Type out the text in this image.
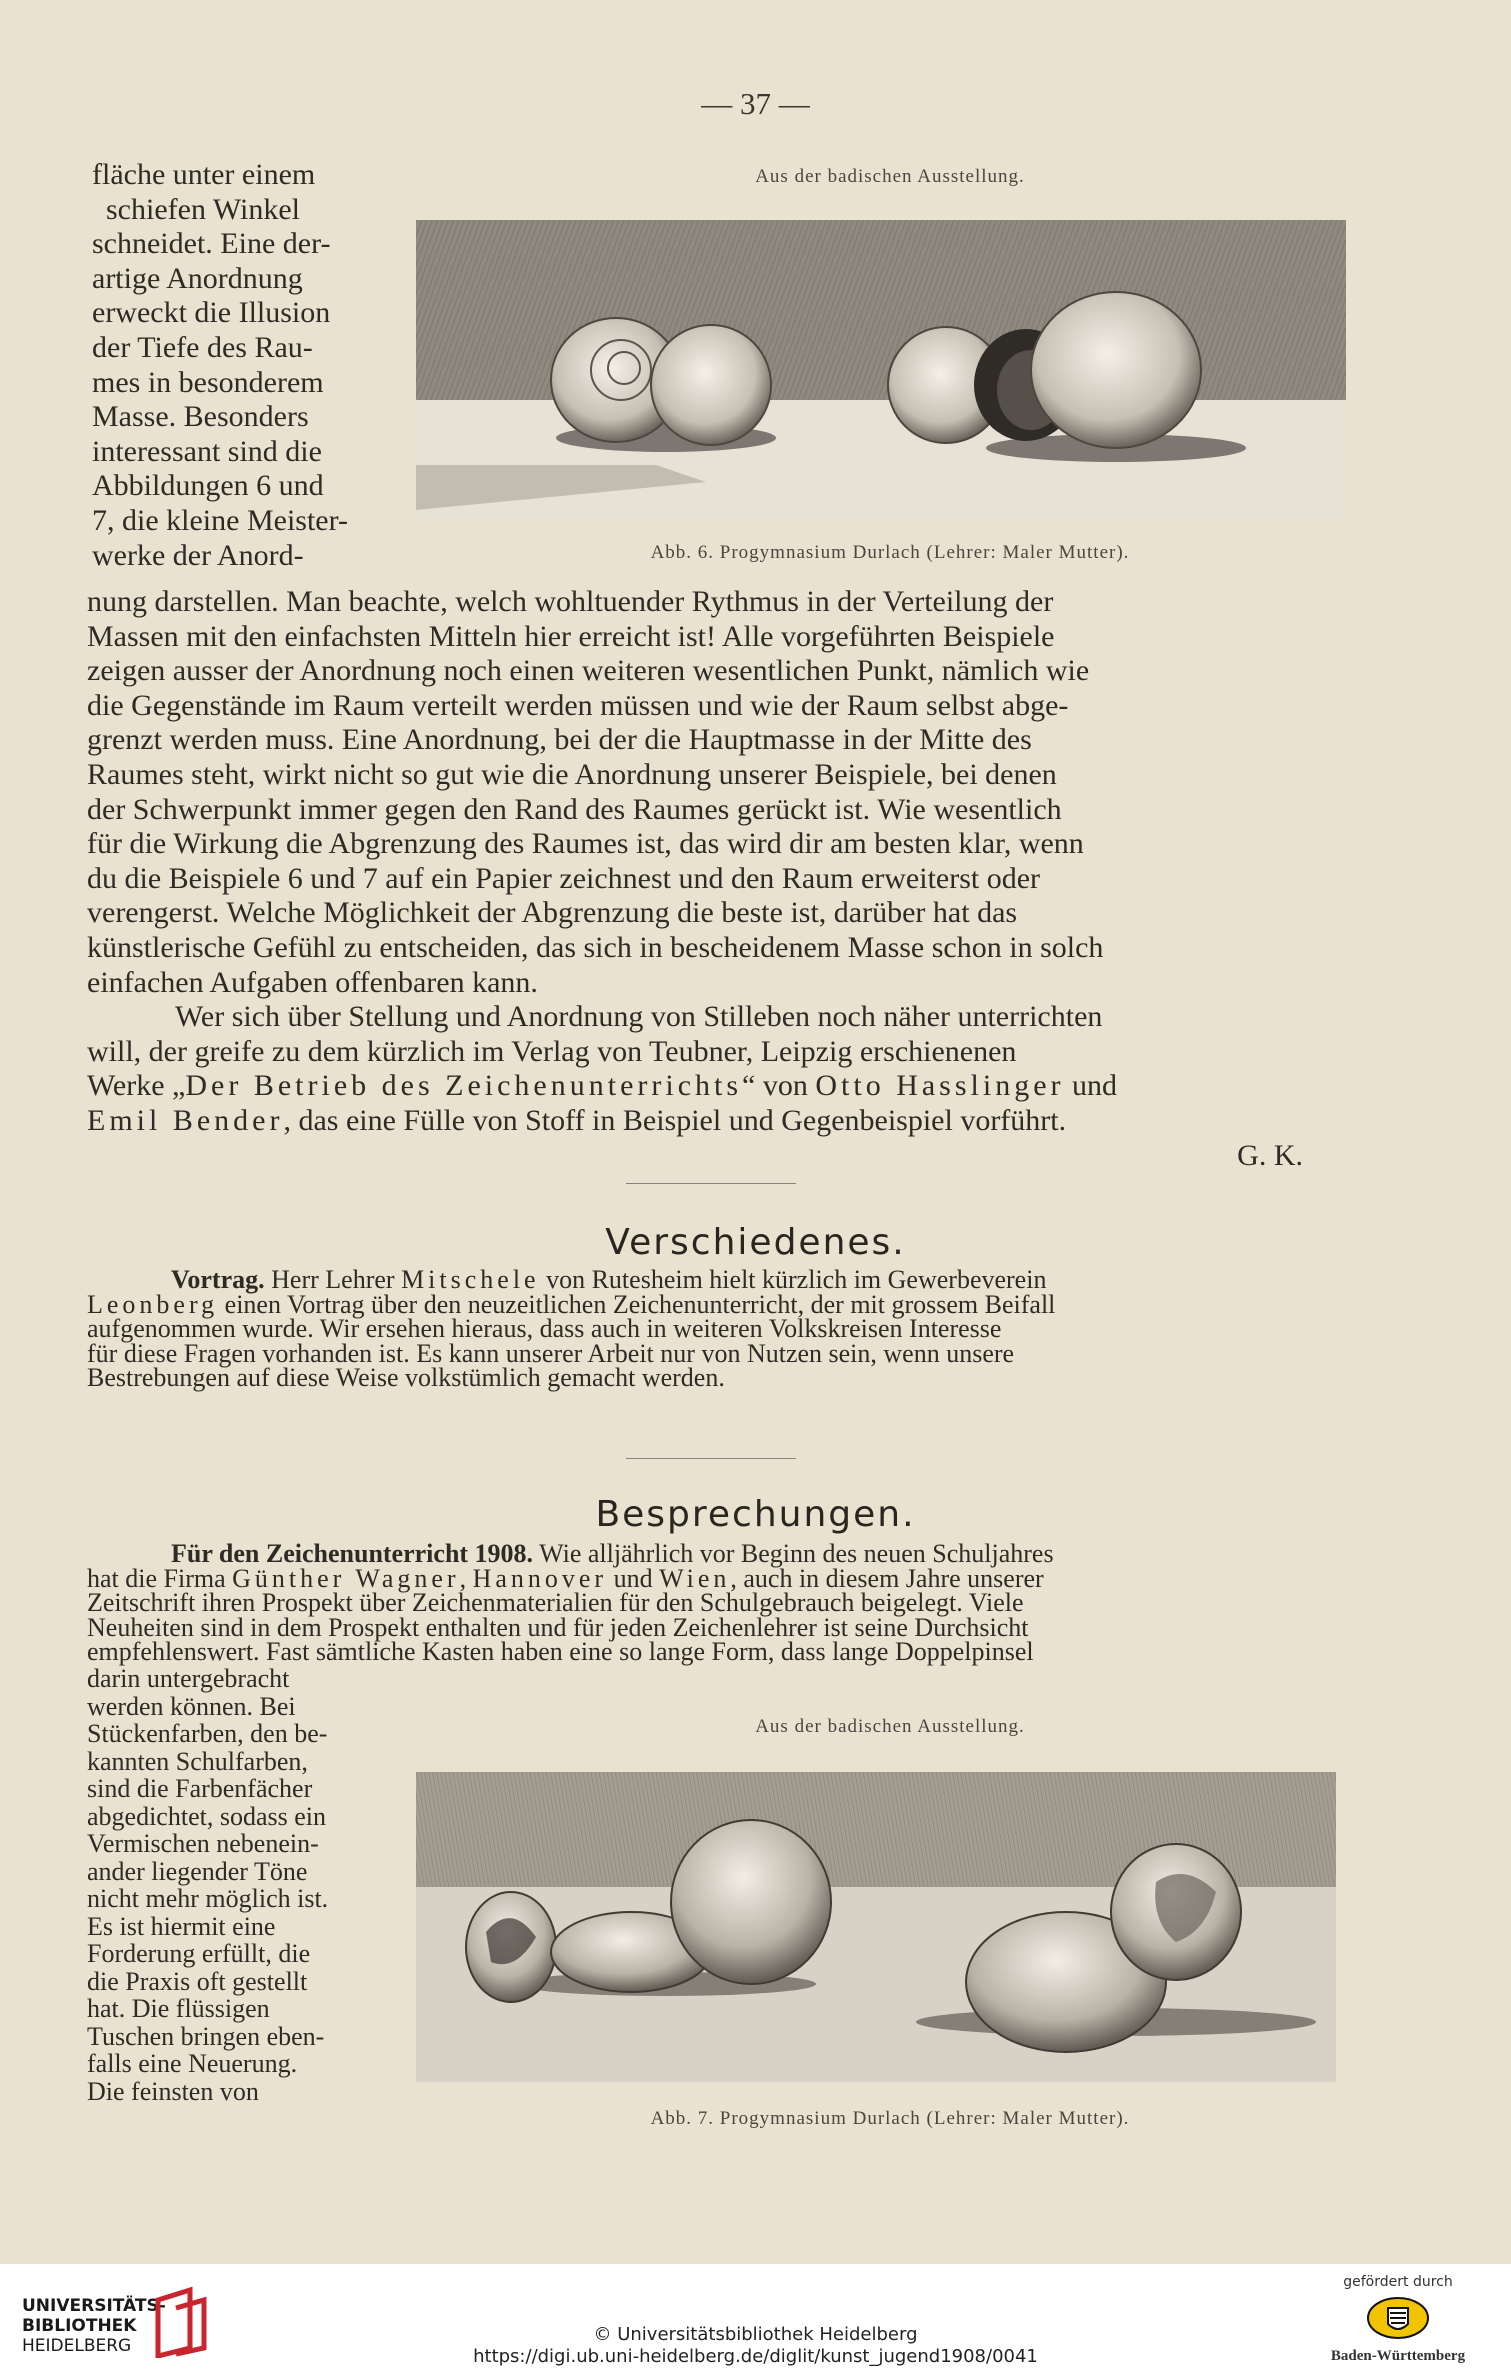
— 37 —
fläche unter einem
schiefen Winkel
schneidet. Eine der-
artige Anordnung
erweckt die Illusion
der Tiefe des Rau-
mes in besonderem
Masse. Besonders
interessant sind die
Abbildungen 6 und
7, die kleine Meister-
werke der Anord-
Aus der badischen Ausstellung.
Abb. 6. Progymnasium Durlach (Lehrer: Maler Mutter).
nung darstellen. Man beachte, welch wohltuender Rythmus in der Verteilung der
Massen mit den einfachsten Mitteln hier erreicht ist! Alle vorgeführten Beispiele
zeigen ausser der Anordnung noch einen weiteren wesentlichen Punkt, nämlich wie
die Gegenstände im Raum verteilt werden müssen und wie der Raum selbst abge-
grenzt werden muss. Eine Anordnung, bei der die Hauptmasse in der Mitte des
Raumes steht, wirkt nicht so gut wie die Anordnung unserer Beispiele, bei denen
der Schwerpunkt immer gegen den Rand des Raumes gerückt ist. Wie wesentlich
für die Wirkung die Abgrenzung des Raumes ist, das wird dir am besten klar, wenn
du die Beispiele 6 und 7 auf ein Papier zeichnest und den Raum erweiterst oder
verengerst. Welche Möglichkeit der Abgrenzung die beste ist, darüber hat das
künstlerische Gefühl zu entscheiden, das sich in bescheidenem Masse schon in solch
einfachen Aufgaben offenbaren kann.
Wer sich über Stellung und Anordnung von Stilleben noch näher unterrichten
will, der greife zu dem kürzlich im Verlag von Teubner, Leipzig erschienenen
Werke „Der Betrieb des Zeichenunterrichts“ von Otto Hasslinger und
Emil Bender, das eine Fülle von Stoff in Beispiel und Gegenbeispiel vorführt.
G. K.
Verschiedenes.
Vortrag. Herr Lehrer Mitschele von Rutesheim hielt kürzlich im Gewerbeverein
Leonberg einen Vortrag über den neuzeitlichen Zeichenunterricht, der mit grossem Beifall
aufgenommen wurde. Wir ersehen hieraus, dass auch in weiteren Volkskreisen Interesse
für diese Fragen vorhanden ist. Es kann unserer Arbeit nur von Nutzen sein, wenn unsere
Bestrebungen auf diese Weise volkstümlich gemacht werden.
Besprechungen.
Für den Zeichenunterricht 1908. Wie alljährlich vor Beginn des neuen Schuljahres
hat die Firma Günther Wagner, Hannover und Wien, auch in diesem Jahre unserer
Zeitschrift ihren Prospekt über Zeichenmaterialien für den Schulgebrauch beigelegt. Viele
Neuheiten sind in dem Prospekt enthalten und für jeden Zeichenlehrer ist seine Durchsicht
empfehlenswert. Fast sämtliche Kasten haben eine so lange Form, dass lange Doppelpinsel
darin untergebracht
werden können. Bei
Stückenfarben, den be-
kannten Schulfarben,
sind die Farbenfächer
abgedichtet, sodass ein
Vermischen nebenein-
ander liegender Töne
nicht mehr möglich ist.
Es ist hiermit eine
Forderung erfüllt, die
die Praxis oft gestellt
hat. Die flüssigen
Tuschen bringen eben-
falls eine Neuerung.
Die feinsten von
Aus der badischen Ausstellung.
Abb. 7. Progymnasium Durlach (Lehrer: Maler Mutter).
UNIVERSITÄTS-
BIBLIOTHEK
HEIDELBERG
© Universitätsbibliothek Heidelberg
https://digi.ub.uni-heidelberg.de/diglit/kunst_jugend1908/0041
gefördert durch
Baden-Württemberg
